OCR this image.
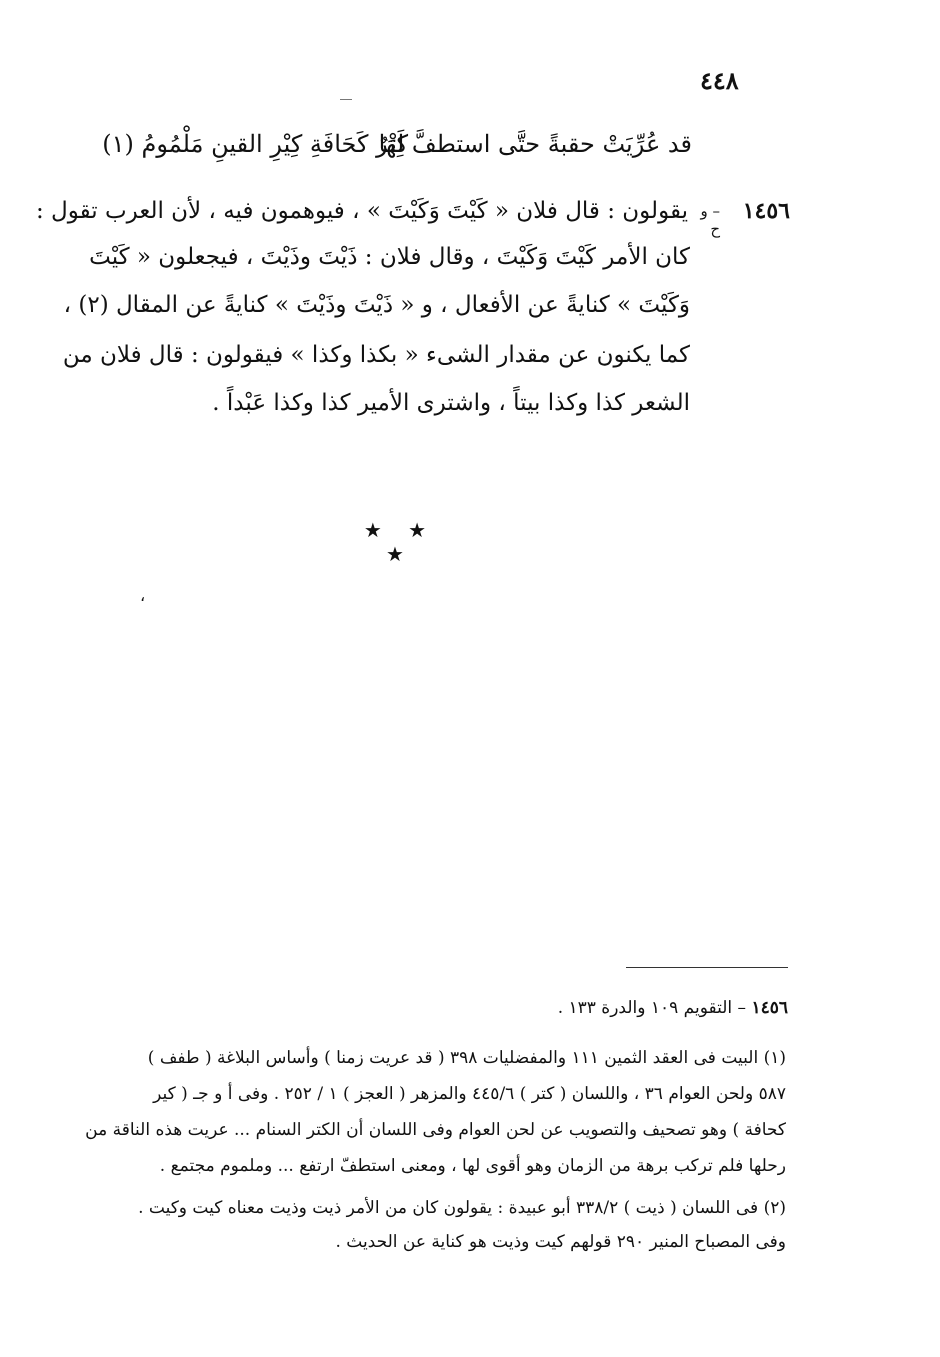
٤٤٨
قد عُرِّيَتْ حقبةً حتَّى استطفَّ لَهَا
كِتْرٌ كَحَافَةِ كِيْرِ القينِ مَلْمُومُ (١)
١٤٥٦
– و ح
يقولون : قال فلان « كَيْتَ وَكَيْتَ » ، فيوهمون فيه ، لأن العرب تقول :
كان الأمر كَيْتَ وَكَيْتَ ، وقال فلان : ذَيْتَ وذَيْتَ ، فيجعلون « كَيْتَ
وَكَيْتَ » كنايةً عن الأفعال ، و « ذَيْتَ وذَيْتَ » كنايةً عن المقال (٢) ،
كما يكنون عن مقدار الشىء « بكذا وكذا » فيقولون : قال فلان من
الشعر كذا وكذا بيتاً ، واشترى الأمير كذا وكذا عَبْداً .
★ ★ ★
،
١٤٥٦ – التقويم ١٠٩ والدرة ١٣٣ .
(١) البيت فى العقد الثمين ١١١ والمفضليات ٣٩٨ ( قد عريت زمنا ) وأساس البلاغة ( طفف )
٥٨٧ ولحن العوام ٣٦ ، واللسان ( كتر ) ٤٤٥/٦ والمزهر ( العجز ) ١ / ٢٥٢ . وفى أ و جـ ( كير
كحافة ) وهو تصحيف والتصويب عن لحن العوام وفى اللسان أن الكتر السنام ... عريت هذه الناقة من
رحلها فلم تركب برهة من الزمان وهو أقوى لها ، ومعنى استطفّ ارتفع ... وملموم مجتمع .
(٢) فى اللسان ( ذيت ) ٣٣٨/٢ أبو عبيدة : يقولون كان من الأمر ذيت وذيت معناه كيت وكيت .
وفى المصباح المنير ٢٩٠ قولهم كيت وذيت هو كناية عن الحديث .
